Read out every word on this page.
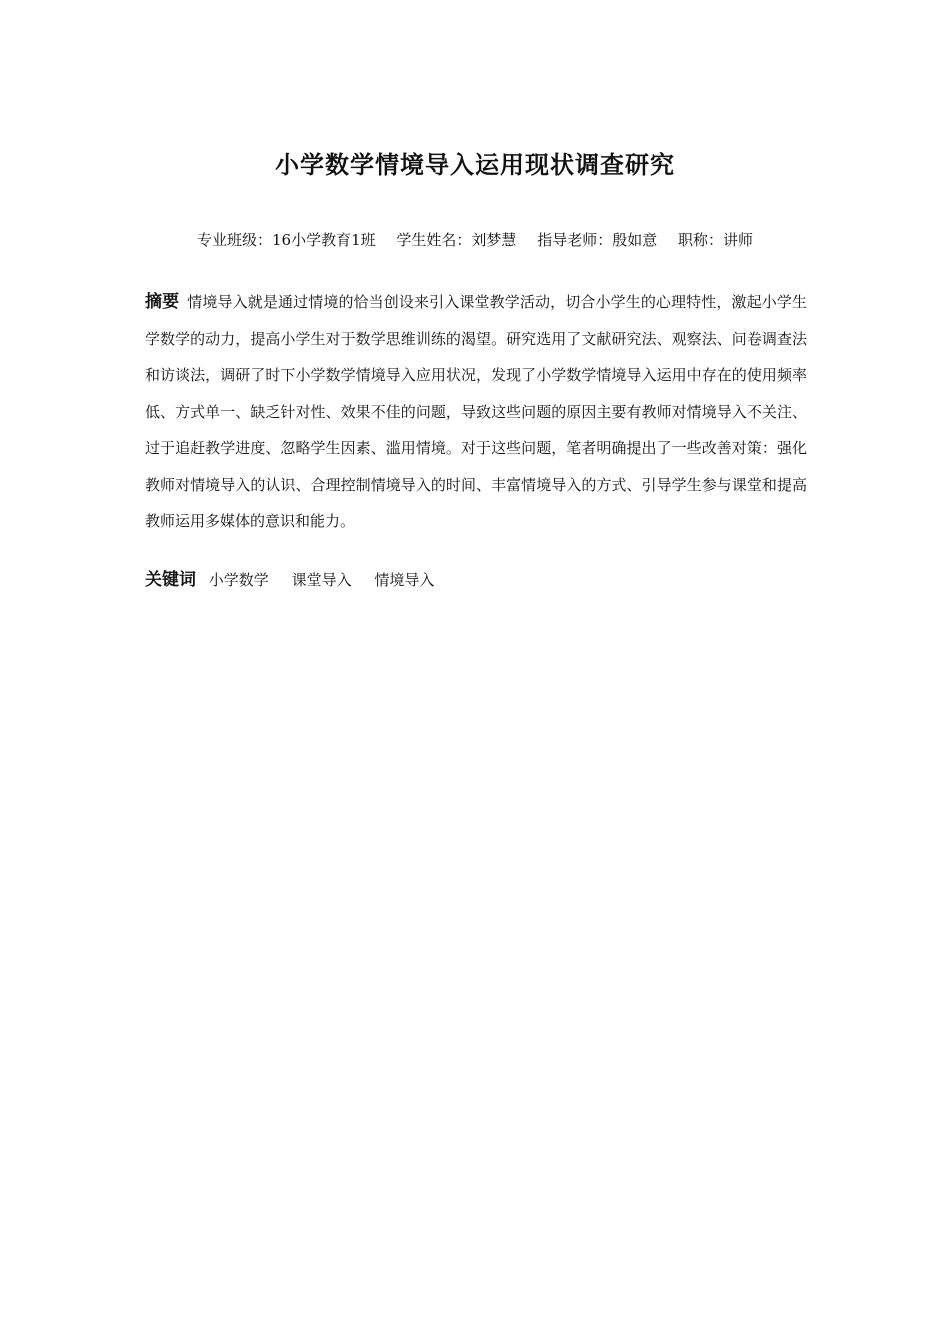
小学数学情境导入运用现状调查研究
专业班级：16小学教育1班 学生姓名：刘梦慧 指导老师：殷如意 职称：讲师
摘要 情境导入就是通过情境的恰当创设来引入课堂教学活动，切合小学生的心理特性，激起小学生学数学的动力，提高小学生对于数学思维训练的渴望。研究选用了文献研究法、观察法、问卷调查法和访谈法，调研了时下小学数学情境导入应用状况，发现了小学数学情境导入运用中存在的使用频率低、方式单一、缺乏针对性、效果不佳的问题，导致这些问题的原因主要有教师对情境导入不关注、过于追赶教学进度、忽略学生因素、滥用情境。对于这些问题，笔者明确提出了一些改善对策：强化教师对情境导入的认识、合理控制情境导入的时间、丰富情境导入的方式、引导学生参与课堂和提高教师运用多媒体的意识和能力。
关键词 小学数学 课堂导入 情境导入
